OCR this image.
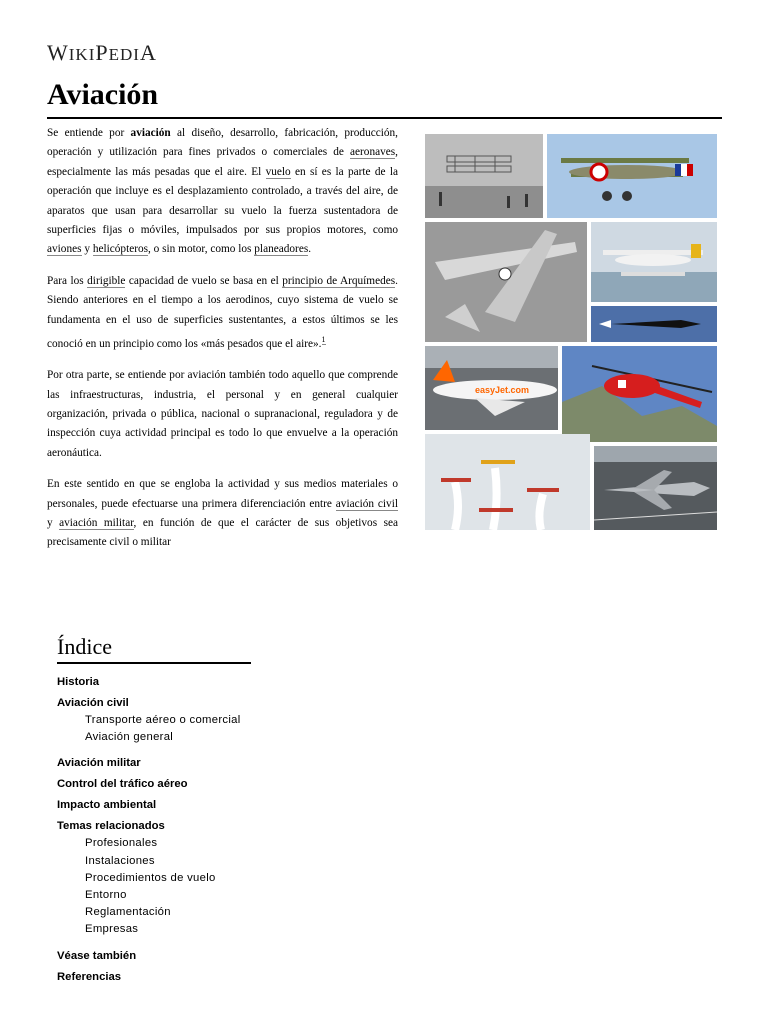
WIKIPEDIA
Aviación

Se entiende por aviación al diseño, desarrollo, fabricación, producción, operación y utilización para fines privados o comerciales de aeronaves, especialmente las más pesadas que el aire. El vuelo en sí es la parte de la operación que incluye es el desplazamiento controlado, a través del aire, de aparatos que usan para desarrollar su vuelo la fuerza sustentadora de superficies fijas o móviles, impulsados por sus propios motores, como aviones y helicópteros, o sin motor, como los planeadores.

Para los dirigible capacidad de vuelo se basa en el principio de Arquímedes. Siendo anteriores en el tiempo a los aerodinos, cuyo sistema de vuelo se fundamenta en el uso de superficies sustentantes, a estos últimos se les conoció en un principio como los «más pesados que el aire».$^1$

Por otra parte, se entiende por aviación también todo aquello que comprende las infraestructuras, industria, el personal y en general cualquier organización, privada o pública, nacional o supranacional, reguladora y de inspección cuya actividad principal es todo lo que envuelve a la operación aeronáutica.

En este sentido en que se engloba la actividad y sus medios materiales o personales, puede efectuarse una primera diferenciación entre aviación civil y aviación militar, en función de que el carácter de sus objetivos sea precisamente civil o militar

easyJet.com
Índice
Historia
Aviación civil
Transporte aéreo o comercial
Aviación general
Aviación militar
Control del tráfico aéreo
Impacto ambiental
Temas relacionados
Profesionales
Instalaciones
Procedimientos de vuelo
Entorno
Reglamentación
Empresas
Véase también
Referencias
